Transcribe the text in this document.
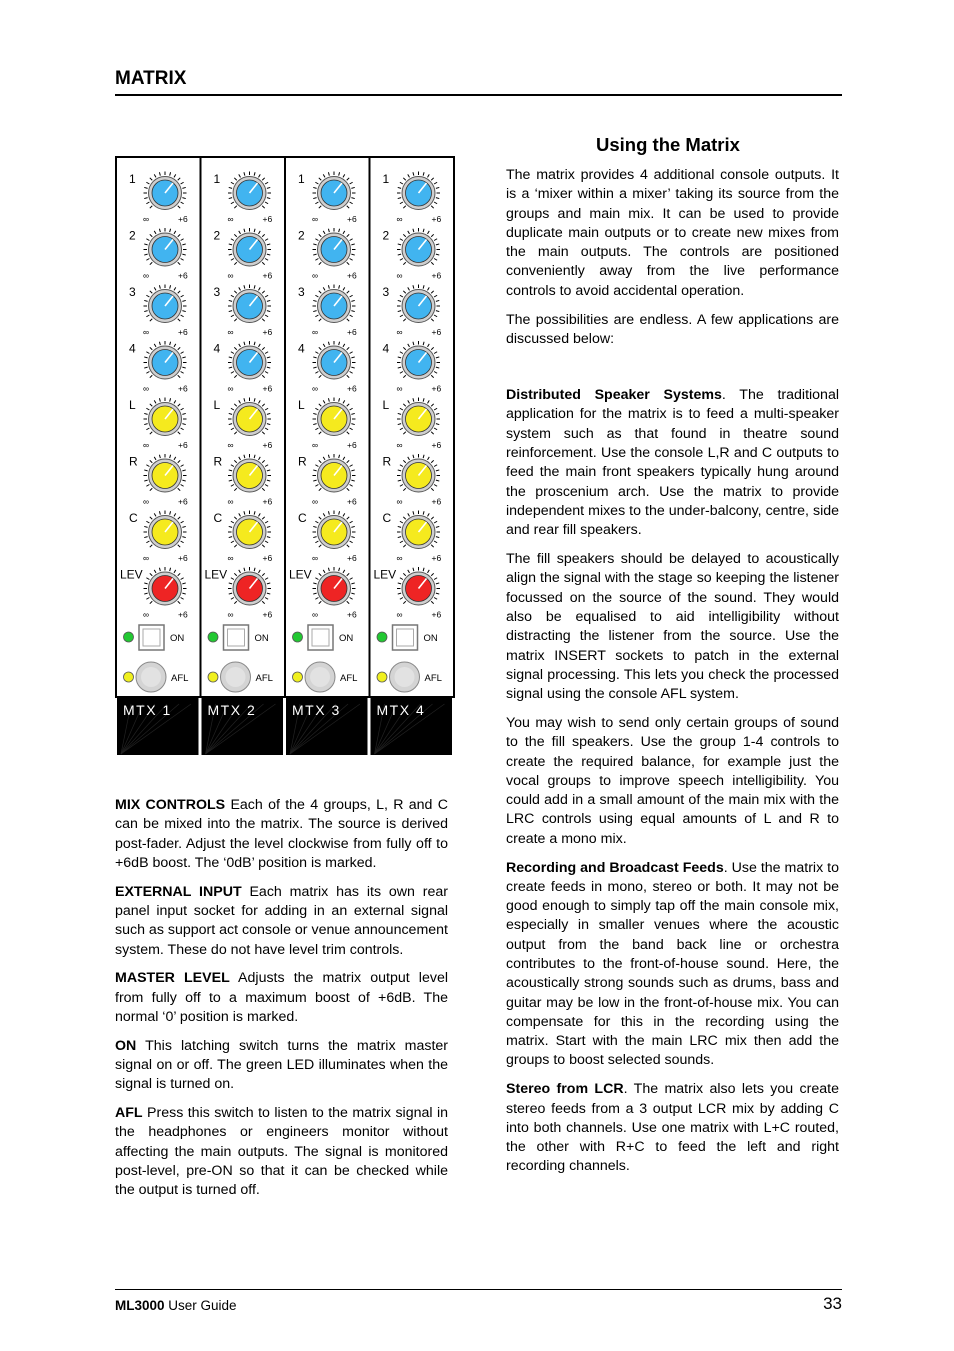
MATRIX
Using the Matrix
1
∞	+6
2
∞	+6
3
∞	+6
4
∞	+6
L
∞	+6
R
∞	+6
C
∞	+6
LEV
∞	+6
ON
AFL
MTX 1
1
∞	+6
2
∞	+6
3
∞	+6
4
∞	+6
L
∞	+6
R
∞	+6
C
∞	+6
LEV
∞	+6
ON
AFL
MTX 2
1
∞	+6
2
∞	+6
3
∞	+6
4
∞	+6
L
∞	+6
R
∞	+6
C
∞	+6
LEV
∞	+6
ON
AFL
MTX 3
1
∞	+6
2
∞	+6
3
∞	+6
4
∞	+6
L
∞	+6
R
∞	+6
C
∞	+6
LEV
∞	+6
ON
AFL
MTX 4

The matrix provides 4 additional console outputs. It is a ‘mixer within a mixer’ taking its source from the groups and main mix. It can be used to provide duplicate main outputs or to create new mixes from the main outputs. The controls are positioned conveniently away from the live performance controls to avoid accidental operation.

The possibilities are endless. A few applications are discussed below:

Distributed Speaker Systems. The traditional application for the matrix is to feed a multi-speaker system such as that found in theatre sound reinforcement. Use the console L,R and C outputs to feed the main front speakers typically hung around the proscenium arch. Use the matrix to provide independent mixes to the under-balcony, centre, side and rear fill speakers.

The fill speakers should be delayed to acoustically align the signal with the stage so keeping the listener focussed on the source of the sound. They would also be equalised to aid intelligibility without distracting the listener from the source. Use the matrix INSERT sockets to patch in the external signal processing. This lets you check the processed signal using the console AFL system.

You may wish to send only certain groups of sound to the fill speakers. Use the group 1-4 controls to create the required balance, for example just the vocal groups to improve speech intelligibility. You could add in a small amount of the main mix with the LRC controls using equal amounts of L and R to create a mono mix.

Recording and Broadcast Feeds. Use the matrix to create feeds in mono, stereo or both. It may not be good enough to simply tap off the main console mix, especially in smaller venues where the acoustic output from the band back line or orchestra contributes to the front-of-house sound. Here, the acoustically strong sounds such as drums, bass and guitar may be low in the front-of-house mix. You can compensate for this in the recording using the matrix. Start with the main LRC mix then add the groups to boost selected sounds.

Stereo from LCR. The matrix also lets you create stereo feeds from a 3 output LCR mix by adding C into both channels. Use one matrix with L+C routed, the other with R+C to feed the left and right recording channels.

MIX CONTROLS Each of the 4 groups, L, R and C can be mixed into the matrix. The source is derived post-fader. Adjust the level clockwise from fully off to +6dB boost. The ‘0dB’ position is marked.

EXTERNAL INPUT Each matrix has its own rear panel input socket for adding in an external signal such as support act console or venue announcement system. These do not have level trim controls.

MASTER LEVEL Adjusts the matrix output level from fully off to a maximum boost of +6dB. The normal ‘0’ position is marked.

ON This latching switch turns the matrix master signal on or off. The green LED illuminates when the signal is turned on.

AFL Press this switch to listen to the matrix signal in the headphones or engineers monitor without affecting the main outputs. The signal is monitored post-level, pre-ON so that it can be checked while the output is turned off.

ML3000 User Guide	33
